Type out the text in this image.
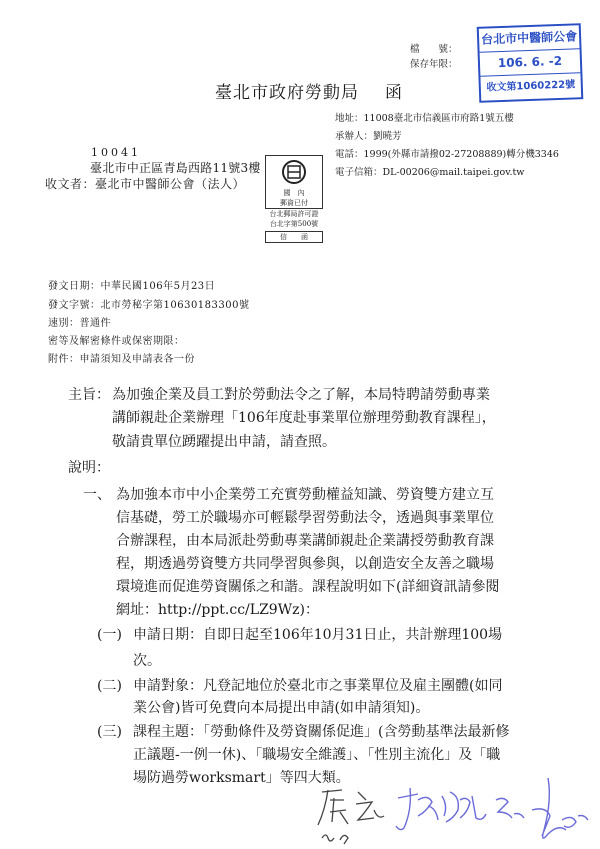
檔　　號：
保存年限：
台北市中醫師公會
106. 6. -2
收文第1060222號
臺北市政府勞動局 函
地址：11008臺北市信義區市府路1號五樓
承辦人：劉曉芳
電話：1999(外縣市請撥02-27208889)轉分機3346
電子信箱：DL-00206@mail.taipei.gov.tw
10041
臺北市中正區青島西路11號3樓
收文者：臺北市中醫師公會（法人）
國　內
郵資已付
台北郵局許可證
台北字第500號
信　　函
發文日期：中華民國106年5月23日
發文字號：北市勞秘字第10630183300號
速別：普通件
密等及解密條件或保密期限：
附件：申請須知及申請表各一份
主旨： 為加強企業及員工對於勞動法令之了解，本局特聘請勞動專業
講師親赴企業辦理「106年度赴事業單位辦理勞動教育課程」，
敬請貴單位踴躍提出申請，請查照。
說明：
一、 為加強本市中小企業勞工充實勞動權益知識、勞資雙方建立互
信基礎，勞工於職場亦可輕鬆學習勞動法令，透過與事業單位
合辦課程，由本局派赴勞動專業講師親赴企業講授勞動教育課
程，期透過勞資雙方共同學習與參與，以創造安全友善之職場
環境進而促進勞資關係之和諧。課程說明如下(詳細資訊請參閱
網址：http://ppt.cc/LZ9Wz)：
(一) 申請日期：自即日起至106年10月31日止，共計辦理100場
次。
(二) 申請對象：凡登記地位於臺北市之事業單位及雇主團體(如同
業公會)皆可免費向本局提出申請(如申請須知)。
(三) 課程主題：「勞動條件及勞資關係促進」(含勞動基準法最新修
正議題-一例一休)、「職場安全維護」、「性別主流化」及「職
場防過勞worksmart」等四大類。
